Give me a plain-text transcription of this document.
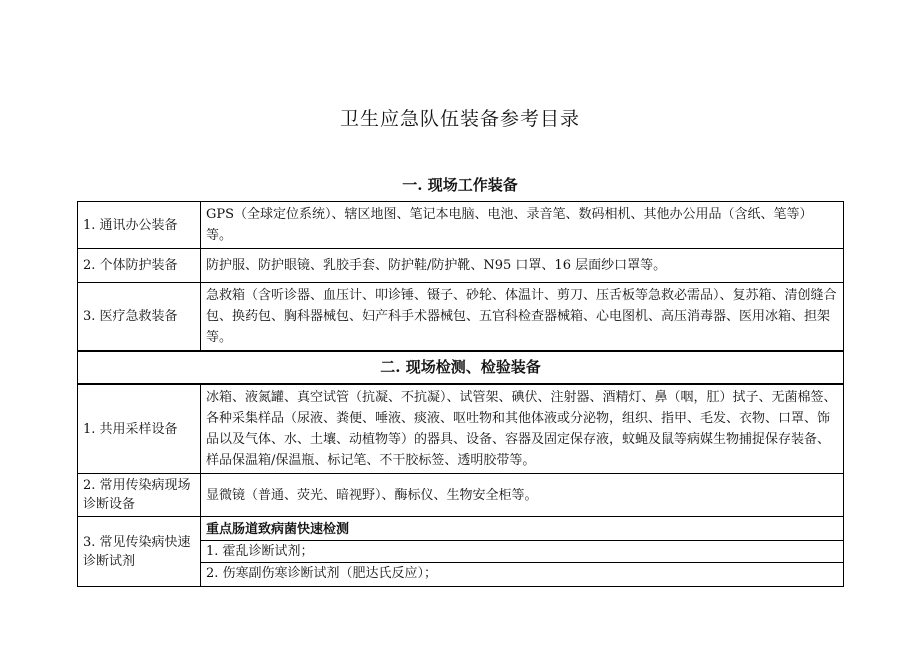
卫生应急队伍装备参考目录
一. 现场工作装备
1. 通讯办公装备	GPS（全球定位系统）、辖区地图、笔记本电脑、电池、录音笔、数码相机、其他办公用品（含纸、笔等）等。
2. 个体防护装备	防护服、防护眼镜、乳胶手套、防护鞋/防护靴、N95 口罩、16 层面纱口罩等。
3. 医疗急救装备	急救箱（含听诊器、血压计、叩诊锤、镊子、砂轮、体温计、剪刀、压舌板等急救必需品）、复苏箱、清创缝合包、换药包、胸科器械包、妇产科手术器械包、五官科检查器械箱、心电图机、高压消毒器、医用冰箱、担架等。
二. 现场检测、检验装备	
1. 共用采样设备	冰箱、液氮罐、真空试管（抗凝、不抗凝）、试管架、碘伏、注射器、酒精灯、鼻（咽，肛）拭子、无菌棉签、各种采集样品（尿液、粪便、唾液、痰液、呕吐物和其他体液或分泌物，组织、指甲、毛发、衣物、口罩、饰品以及气体、水、土壤、动植物等）的器具、设备、容器及固定保存液，蚊蝇及鼠等病媒生物捕捉保存装备、样品保温箱/保温瓶、标记笔、不干胶标签、透明胶带等。
2. 常用传染病现场诊断设备	显微镜（普通、荧光、暗视野）、酶标仪、生物安全柜等。
3. 常见传染病快速诊断试剂	重点肠道致病菌快速检测
1. 霍乱诊断试剂；
2. 伤寒副伤寒诊断试剂（肥达氏反应）；
